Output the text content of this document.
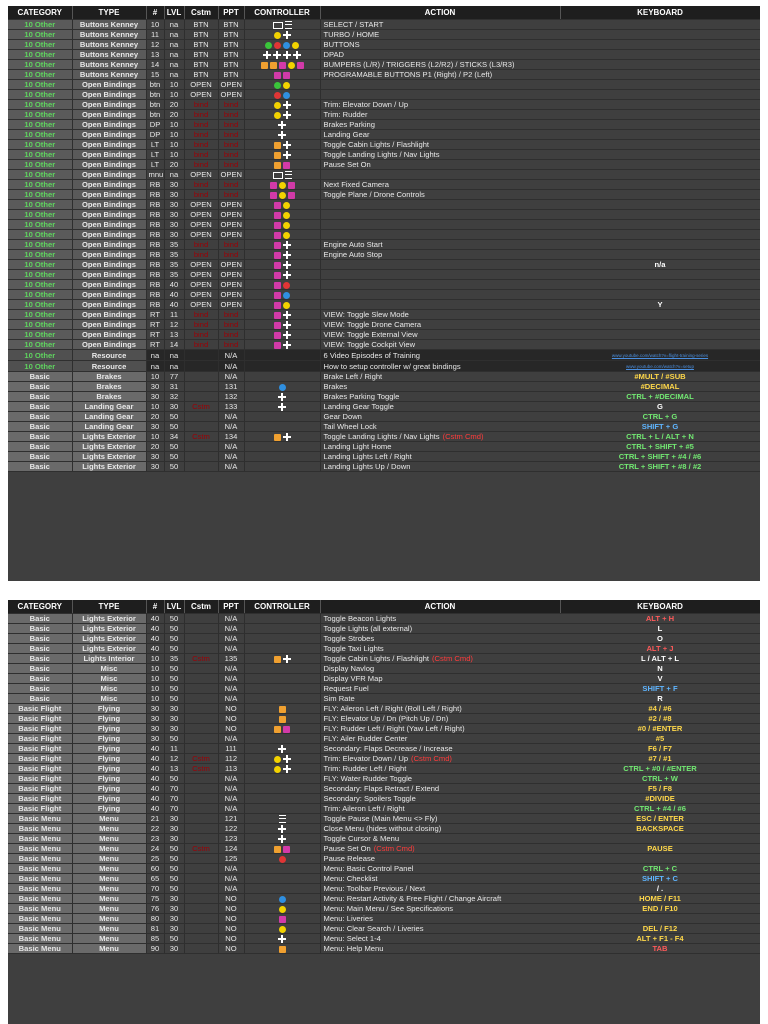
CATEGORY	TYPE	#	LVL	Cstm	PPT	CONTROLLER	ACTION	KEYBOARD
10 Other	Buttons Kenney	10	na	BTN	BTN		SELECT / START	
10 Other	Buttons Kenney	11	na	BTN	BTN		TURBO / HOME	
10 Other	Buttons Kenney	12	na	BTN	BTN		BUTTONS	
10 Other	Buttons Kenney	13	na	BTN	BTN		DPAD	
10 Other	Buttons Kenney	14	na	BTN	BTN		BUMPERS (L/R) / TRIGGERS (L2/R2) / STICKS (L3/R3)	
10 Other	Buttons Kenney	15	na	BTN	BTN		PROGRAMABLE BUTTONS P1 (Right) / P2 (Left)	
10 Other	Open Bindings	btn	10	OPEN	OPEN			
10 Other	Open Bindings	btn	10	OPEN	OPEN			
10 Other	Open Bindings	btn	20	bind	bind		Trim: Elevator Down / Up	
10 Other	Open Bindings	btn	20	bind	bind		Trim: Rudder	
10 Other	Open Bindings	DP	10	bind	bind		Brakes Parking	
10 Other	Open Bindings	DP	10	bind	bind		Landing Gear	
10 Other	Open Bindings	LT	10	bind	bind		Toggle Cabin Lights / Flashlight	
10 Other	Open Bindings	LT	10	bind	bind		Toggle Landing Lights / Nav Lights	
10 Other	Open Bindings	LT	20	bind	bind		Pause Set On	
10 Other	Open Bindings	mnu	na	OPEN	OPEN			
10 Other	Open Bindings	RB	30	bind	bind		Next Fixed Camera	
10 Other	Open Bindings	RB	30	bind	bind		Toggle Plane / Drone Controls	
10 Other	Open Bindings	RB	30	OPEN	OPEN			
10 Other	Open Bindings	RB	30	OPEN	OPEN			
10 Other	Open Bindings	RB	30	OPEN	OPEN			
10 Other	Open Bindings	RB	30	OPEN	OPEN			
10 Other	Open Bindings	RB	35	bind	bind		Engine Auto Start	
10 Other	Open Bindings	RB	35	bind	bind		Engine Auto Stop	
10 Other	Open Bindings	RB	35	OPEN	OPEN			n/a
10 Other	Open Bindings	RB	35	OPEN	OPEN			
10 Other	Open Bindings	RB	40	OPEN	OPEN			
10 Other	Open Bindings	RB	40	OPEN	OPEN			
10 Other	Open Bindings	RB	40	OPEN	OPEN			Y
10 Other	Open Bindings	RT	11	bind	bind		VIEW: Toggle Slew Mode	
10 Other	Open Bindings	RT	12	bind	bind		VIEW: Toggle Drone Camera	
10 Other	Open Bindings	RT	13	bind	bind		VIEW: Toggle External View	
10 Other	Open Bindings	RT	14	bind	bind		VIEW: Toggle Cockpit View	
10 Other	Resource	na	na		N/A		6 Video Episodes of Training	www.youtube.com/watch?v=flight-training-series
10 Other	Resource	na	na		N/A		How to setup controller w/ great bindings	www.youtube.com/watch?v=setup
Basic	Brakes	10	77		N/A		Brake Left / Right	#MULT / #SUB
Basic	Brakes	30	31		131		Brakes	#DECIMAL
Basic	Brakes	30	32		132		Brakes Parking Toggle	CTRL + #DECIMAL
Basic	Landing Gear	10	30	Cstm	133		Landing Gear Toggle	G
Basic	Landing Gear	20	50		N/A		Gear Down	CTRL + G
Basic	Landing Gear	30	50		N/A		Tail Wheel Lock	SHIFT + G
Basic	Lights Exterior	10	34	Cstm	134		Toggle Landing Lights / Nav Lights (Cstm Cmd)	CTRL + L / ALT + N
Basic	Lights Exterior	20	50		N/A		Landing Light Home	CTRL + SHIFT + #5
Basic	Lights Exterior	30	50		N/A		Landing Lights Left / Right	CTRL + SHIFT + #4 / #6
Basic	Lights Exterior	30	50		N/A		Landing Lights Up / Down	CTRL + SHIFT + #8 / #2
CATEGORY	TYPE	#	LVL	Cstm	PPT	CONTROLLER	ACTION	KEYBOARD
Basic	Lights Exterior	40	50		N/A		Toggle Beacon Lights	ALT + H
Basic	Lights Exterior	40	50		N/A		Toggle Lights (all external)	L
Basic	Lights Exterior	40	50		N/A		Toggle Strobes	O
Basic	Lights Exterior	40	50		N/A		Toggle Taxi Lights	ALT + J
Basic	Lights Interior	10	35	Cstm	135		Toggle Cabin Lights / Flashlight (Cstm Cmd)	L / ALT + L
Basic	Misc	10	50		N/A		Display Navlog	N
Basic	Misc	10	50		N/A		Display VFR Map	V
Basic	Misc	10	50		N/A		Request Fuel	SHIFT + F
Basic	Misc	10	50		N/A		Sim Rate	R
Basic Flight	Flying	30	30		NO		FLY: Aileron Left / Right (Roll Left / Right)	#4 / #6
Basic Flight	Flying	30	30		NO		FLY: Elevator Up / Dn (Pitch Up / Dn)	#2 / #8
Basic Flight	Flying	30	30		NO		FLY: Rudder Left / Right (Yaw Left / Right)	#0 / #ENTER
Basic Flight	Flying	30	50		N/A		FLY: Ailer Rudder Center	#5
Basic Flight	Flying	40	11		111		Secondary: Flaps Decrease / Increase	F6 / F7
Basic Flight	Flying	40	12	Cstm	112		Trim: Elevator Down / Up (Cstm Cmd)	#7 / #1
Basic Flight	Flying	40	13	Cstm	113		Trim: Rudder Left / Right	CTRL + #0 / #ENTER
Basic Flight	Flying	40	50		N/A		FLY: Water Rudder Toggle	CTRL + W
Basic Flight	Flying	40	70		N/A		Secondary: Flaps Retract / Extend	F5 / F8
Basic Flight	Flying	40	70		N/A		Secondary: Spoilers Toggle	#DIVIDE
Basic Flight	Flying	40	70		N/A		Trim: Aileron Left / Right	CTRL + #4 / #6
Basic Menu	Menu	21	30		121		Toggle Pause (Main Menu <> Fly)	ESC / ENTER
Basic Menu	Menu	22	30		122		Close Menu (hides without closing)	BACKSPACE
Basic Menu	Menu	23	30		123		Toggle Cursor & Menu	
Basic Menu	Menu	24	50	Cstm	124		Pause Set On (Cstm Cmd)	PAUSE
Basic Menu	Menu	25	50		125		Pause Release	
Basic Menu	Menu	60	50		N/A		Menu: Basic Control Panel	CTRL + C
Basic Menu	Menu	65	50		N/A		Menu: Checklist	SHIFT + C
Basic Menu	Menu	70	50		N/A		Menu: Toolbar Previous / Next	/ .
Basic Menu	Menu	75	30		NO		Menu: Restart Activity & Free Flight / Change Aircraft	HOME / F11
Basic Menu	Menu	76	30		NO		Menu: Main Menu / See Specifications	END / F10
Basic Menu	Menu	80	30		NO		Menu: Liveries	
Basic Menu	Menu	81	30		NO		Menu: Clear Search / Liveries	DEL / F12
Basic Menu	Menu	85	50		NO		Menu: Select 1-4	ALT + F1 - F4
Basic Menu	Menu	90	30		NO		Menu: Help Menu	TAB
